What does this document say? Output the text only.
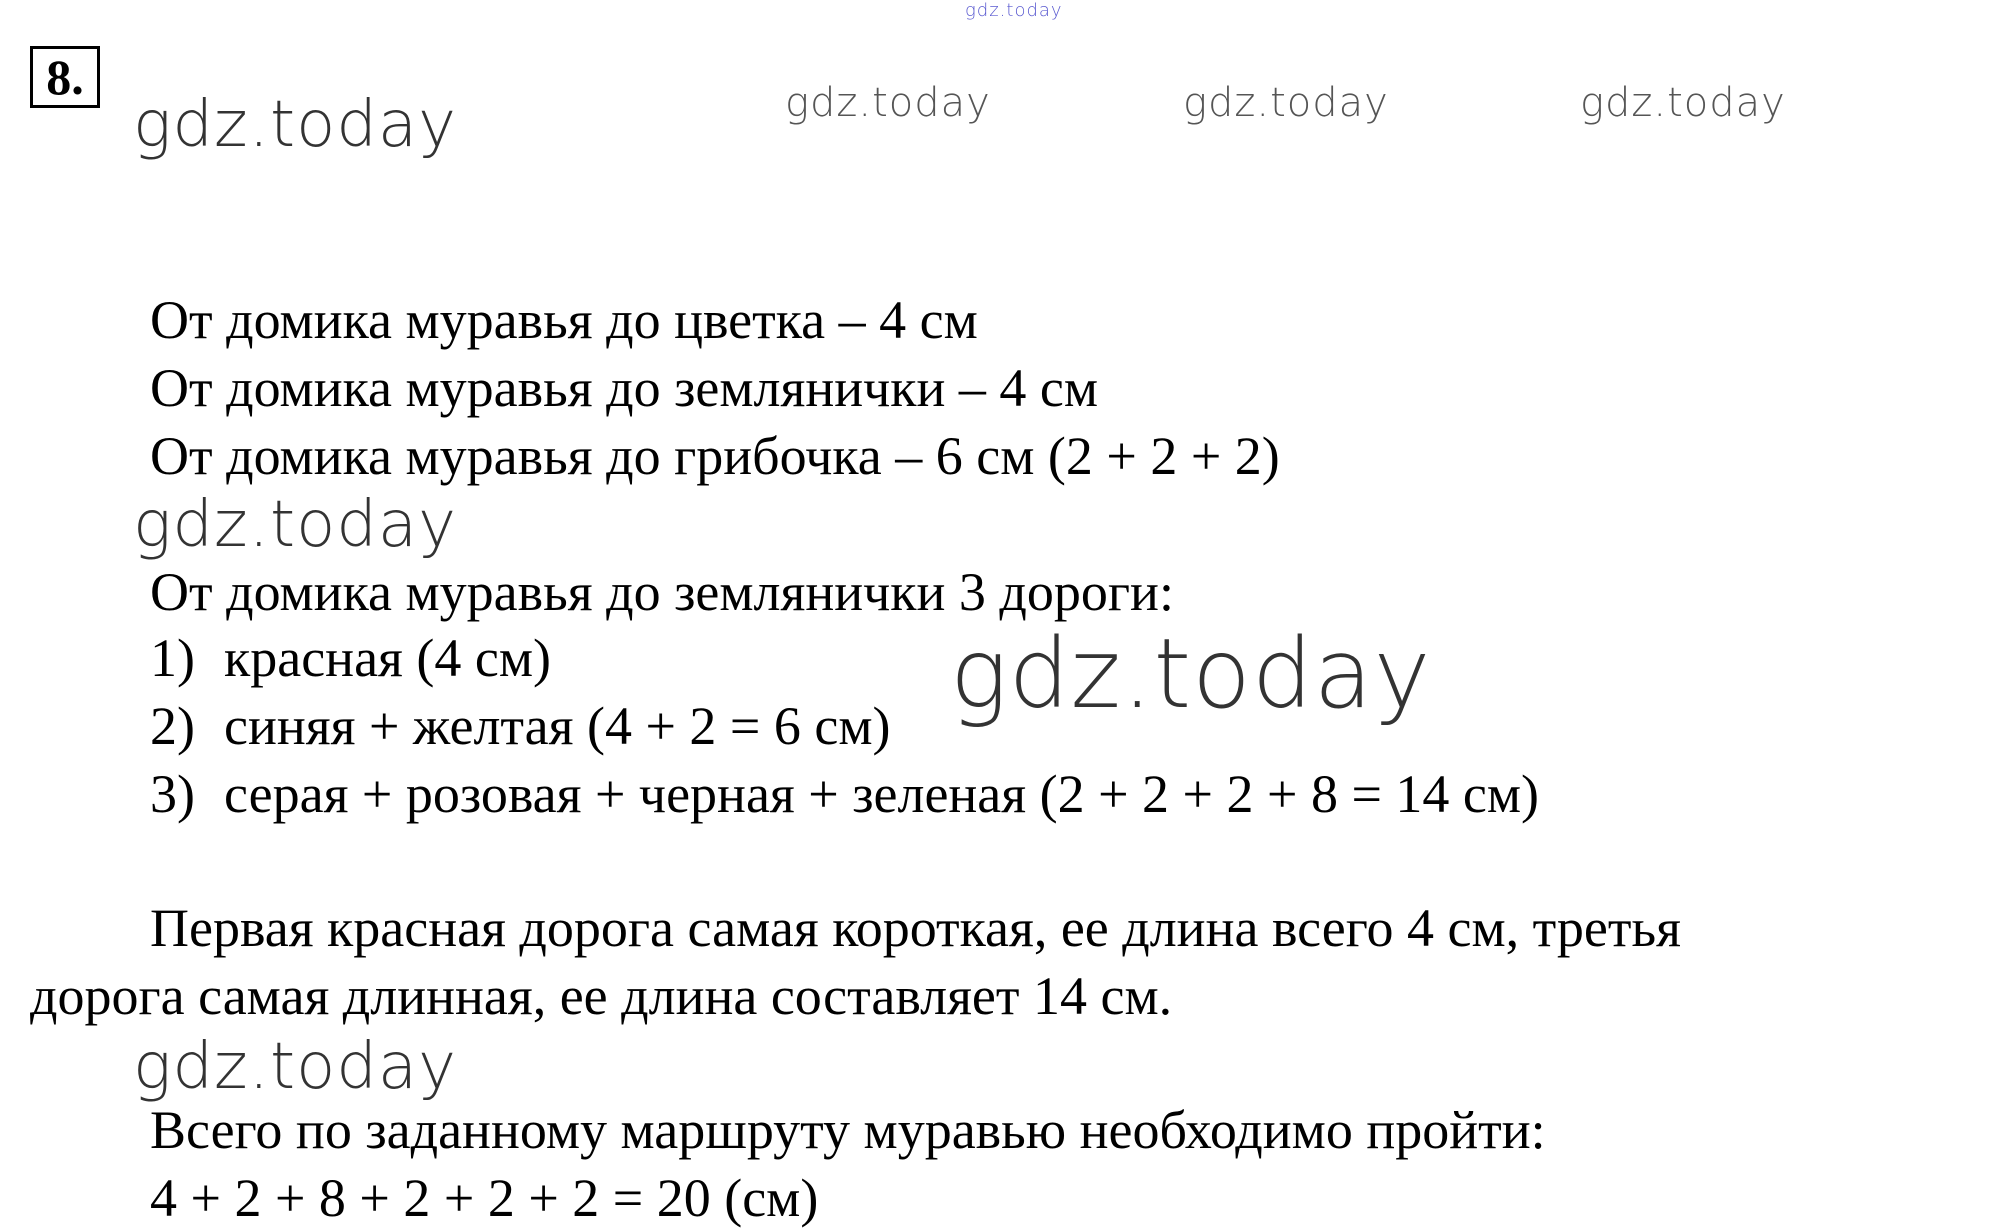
gdz.today
gdz.today	gdz.today	gdz.today
gdz.today
gdz.today
gdz.today
8.
От домика муравья до цветка – 4 см
От домика муравья до землянички – 4 см
От домика муравья до грибочка – 6 см (2 + 2 + 2)
От домика муравья до землянички 3 дороги:
1) красная (4 см)
2) синяя + желтая (4 + 2 = 6 см)
3) серая + розовая + черная + зеленая (2 + 2 + 2 + 8 = 14 см)
gdz.today
Первая красная дорога самая короткая, ее длина всего 4 см, третья
дорога самая длинная, ее длина составляет 14 см.
Всего по заданному маршруту муравью необходимо пройти:
4 + 2 + 8 + 2 + 2 + 2 = 20 (см)
